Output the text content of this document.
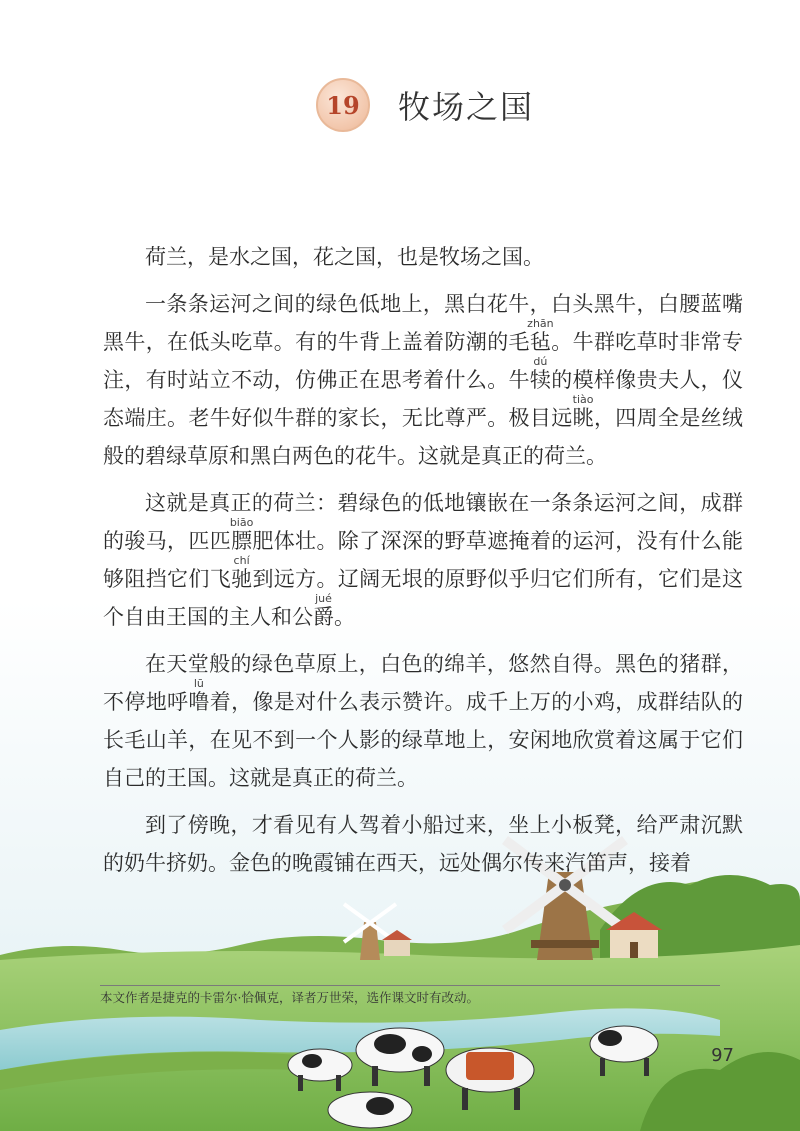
19	牧场之国

荷兰，是水之国，花之国，也是牧场之国。

一条条运河之间的绿色低地上，黑白花牛，白头黑牛，白腰蓝嘴黑牛，在低头吃草。有的牛背上盖着防潮的毛毡zhān。牛群吃草时非常专注，有时站立不动，仿佛正在思考着什么。牛犊dú的模样像贵夫人，仪态端庄。老牛好似牛群的家长，无比尊严。极目远眺tiào，四周全是丝绒般的碧绿草原和黑白两色的花牛。这就是真正的荷兰。

这就是真正的荷兰：碧绿色的低地镶嵌在一条条运河之间，成群的骏马，匹匹膘biāo肥体壮。除了深深的野草遮掩着的运河，没有什么能够阻挡它们飞驰chí到远方。辽阔无垠的原野似乎归它们所有，它们是这个自由王国的主人和公爵jué。

在天堂般的绿色草原上，白色的绵羊，悠然自得。黑色的猪群，不停地呼噜lū着，像是对什么表示赞许。成千上万的小鸡，成群结队的长毛山羊，在见不到一个人影的绿草地上，安闲地欣赏着这属于它们自己的王国。这就是真正的荷兰。

到了傍晚，才看见有人驾着小船过来，坐上小板凳，给严肃沉默的奶牛挤奶。金色的晚霞铺在西天，远处偶尔传来汽笛声，接着

本文作者是捷克的卡雷尔·恰佩克，译者万世荣，选作课文时有改动。
97
